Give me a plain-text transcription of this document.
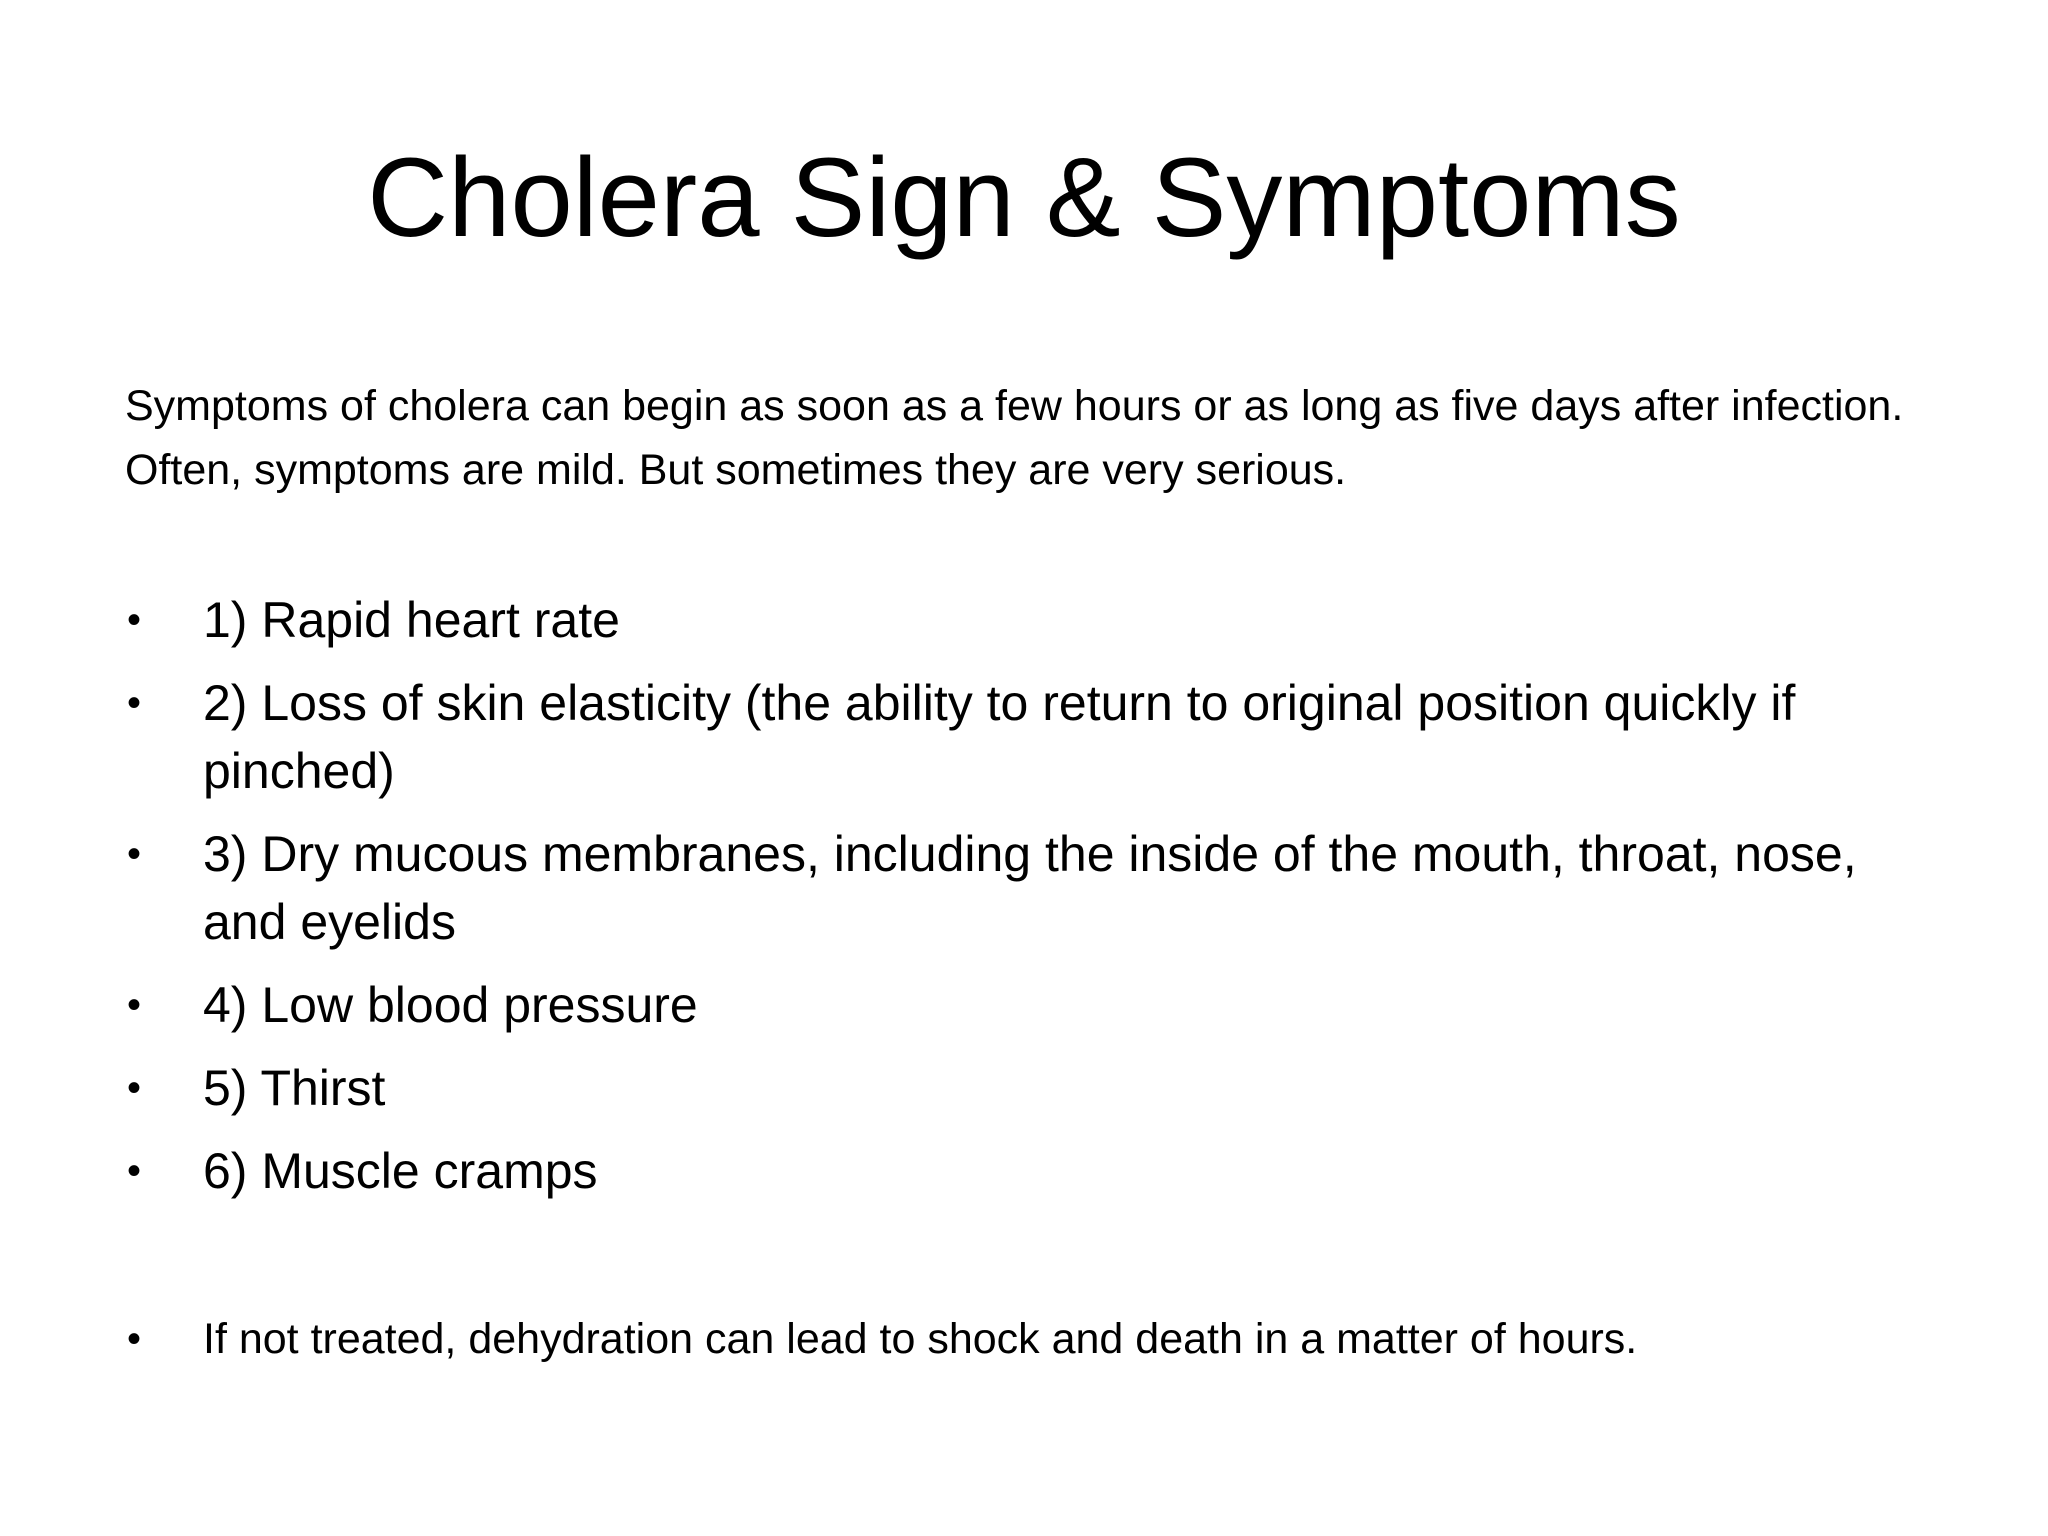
Cholera Sign & Symptoms

Symptoms of cholera can begin as soon as a few hours or as long as five days after infection. Often, symptoms are mild. But sometimes they are very serious.

•	1) Rapid heart rate
•	2) Loss of skin elasticity (the ability to return to original position quickly if pinched)
•	3) Dry mucous membranes, including the inside of the mouth, throat, nose, and eyelids
•	4) Low blood pressure
•	5) Thirst
•	6) Muscle cramps
•	If not treated, dehydration can lead to shock and death in a matter of hours.
